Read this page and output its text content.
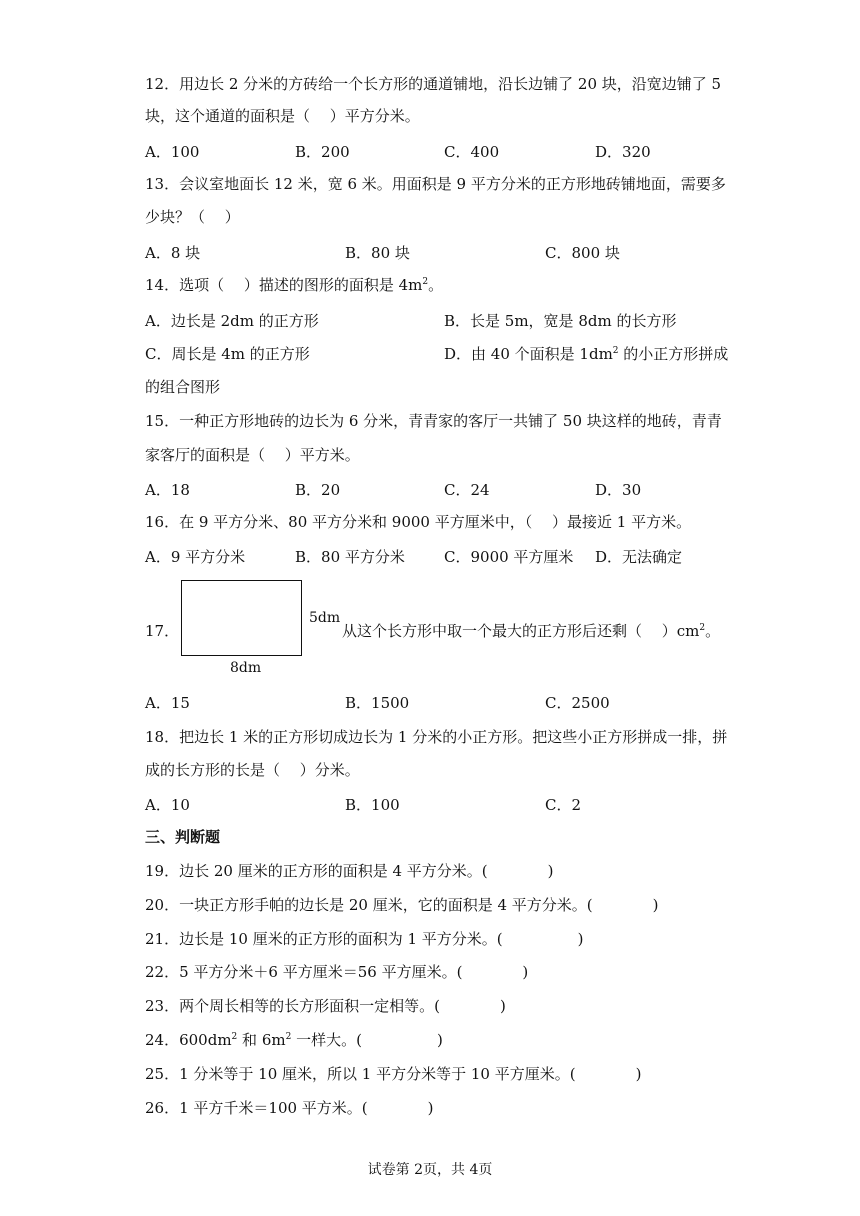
12．用边长 2 分米的方砖给一个长方形的通道铺地，沿长边铺了 20 块，沿宽边铺了 5
块，这个通道的面积是（　 ）平方分米。
A．100	B．200	C．400	D．320
13．会议室地面长 12 米，宽 6 米。用面积是 9 平方分米的正方形地砖铺地面，需要多
少块？（　 ）
A．8 块	B．80 块	C．800 块
14．选项（　 ）描述的图形的面积是 $4m^2$。
A．边长是 2dm 的正方形	B．长是 5m，宽是 8dm 的长方形
C．周长是 4m 的正方形	D．由 40 个面积是 $1dm^2$ 的小正方形拼成
的组合图形
15．一种正方形地砖的边长为 6 分米，青青家的客厅一共铺了 50 块这样的地砖，青青
家客厅的面积是（　 ）平方米。
A．18	B．20	C．24	D．30
16．在 9 平方分米、80 平方分米和 9000 平方厘米中，（　 ）最接近 1 平方米。
A．9 平方分米	B．80 平方分米	C．9000 平方厘米 D．无法确定
17．
5dm
8dm
从这个长方形中取一个最大的正方形后还剩（　 ）$cm^2$。
A．15	B．1500	C．2500
18．把边长 1 米的正方形切成边长为 1 分米的小正方形。把这些小正方形拼成一排，拼
成的长方形的长是（　 ）分米。
A．10	B．100	C．2
三、判断题
19．边长 20 厘米的正方形的面积是 4 平方分米。(　　　　)
20．一块正方形手帕的边长是 20 厘米，它的面积是 4 平方分米。(　　　　)
21．边长是 10 厘米的正方形的面积为 1 平方分米。(　　　　　)
22．5 平方分米＋6 平方厘米＝56 平方厘米。(　　　　)
23．两个周长相等的长方形面积一定相等。(　　　　)
24．$600dm^2$ 和 $6m^2$ 一样大。(　　　　　)
25．1 分米等于 10 厘米，所以 1 平方分米等于 10 平方厘米。(　　　　)
26．1 平方千米＝100 平方米。(　　　　)
试卷第 2页，共 4页
